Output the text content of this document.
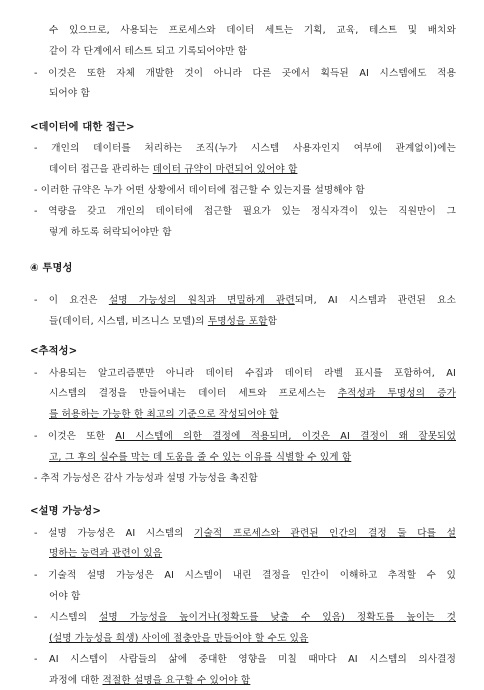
수 있으므로, 사용되는 프로세스와 데이터 세트는 기획, 교육, 테스트 및 배치와
같이 각 단계에서 테스트 되고 기록되어야만 함
- 이것은 또한 자체 개발한 것이 아니라 다른 곳에서 획득된 AI 시스템에도 적용
되어야 함
<데이터에 대한 접근>
- 개인의 데이터를 처리하는 조직(누가 시스템 사용자인지 여부에 관계없이)에는
데이터 접근을 관리하는 데이터 규약이 마련되어 있어야 함
- 이러한 규약은 누가 어떤 상황에서 데이터에 접근할 수 있는지를 설명해야 함
- 역량을 갖고 개인의 데이터에 접근할 필요가 있는 정식자격이 있는 직원만이 그
렇게 하도록 허락되어야만 함
④ 투명성
- 이 요건은 설명 가능성의 원칙과 면밀하게 관련되며, AI 시스템과 관련된 요소
들(데이터, 시스템, 비즈니스 모델)의 투명성을 포함함
<추적성>
- 사용되는 알고리즘뿐만 아니라 데이터 수집과 데이터 라벨 표시를 포함하여, AI
시스템의 결정을 만들어내는 데이터 세트와 프로세스는 추적성과 투명성의 증가
를 허용하는 가능한 한 최고의 기준으로 작성되어야 함
- 이것은 또한 AI 시스템에 의한 결정에 적용되며, 이것은 AI 결정이 왜 잘못되었
고, 그 후의 실수를 막는 데 도움을 줄 수 있는 이유를 식별할 수 있게 함
- 추적 가능성은 감사 가능성과 설명 가능성을 촉진함
<설명 가능성>
- 설명 가능성은 AI 시스템의 기술적 프로세스와 관련된 인간의 결정 둘 다를 설
명하는 능력과 관련이 있음
- 기술적 설명 가능성은 AI 시스템이 내린 결정을 인간이 이해하고 추적할 수 있
어야 함
- 시스템의 설명 가능성을 높이거나(정확도를 낮출 수 있음) 정확도를 높이는 것
(설명 가능성을 희생) 사이에 절충안을 만들어야 할 수도 있음
- AI 시스템이 사람들의 삶에 중대한 영향을 미칠 때마다 AI 시스템의 의사결정
과정에 대한 적절한 설명을 요구할 수 있어야 함
